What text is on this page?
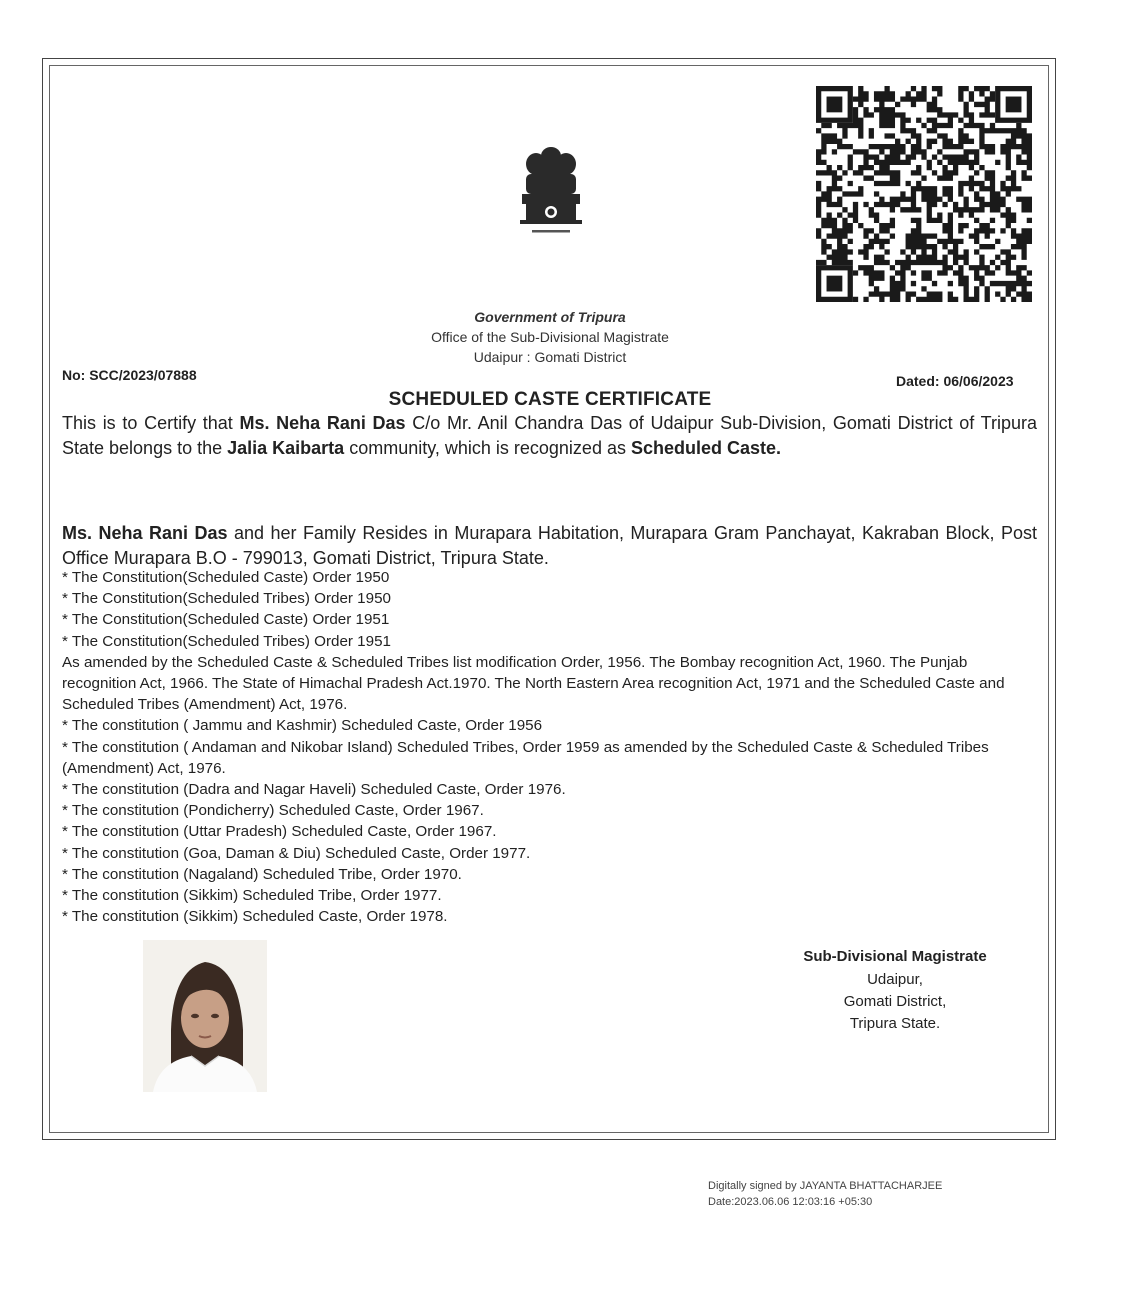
Government of Tripura
Office of the Sub-Divisional Magistrate
Udaipur : Gomati District
No: SCC/2023/07888	Dated: 06/06/2023
SCHEDULED CASTE CERTIFICATE
This is to Certify that Ms. Neha Rani Das C/o Mr. Anil Chandra Das of Udaipur Sub-Division, Gomati District of Tripura State belongs to the Jalia Kaibarta community, which is recognized as Scheduled Caste.
Ms. Neha Rani Das and her Family Resides in Murapara Habitation, Murapara Gram Panchayat, Kakraban Block, Post Office Murapara B.O - 799013, Gomati District, Tripura State.
* The Constitution(Scheduled Caste) Order 1950
* The Constitution(Scheduled Tribes) Order 1950
* The Constitution(Scheduled Caste) Order 1951
* The Constitution(Scheduled Tribes) Order 1951
As amended by the Scheduled Caste & Scheduled Tribes list modification Order, 1956. The Bombay recognition Act, 1960. The Punjab recognition Act, 1966. The State of Himachal Pradesh Act.1970. The North Eastern Area recognition Act, 1971 and the Scheduled Caste and Scheduled Tribes (Amendment) Act, 1976.
* The constitution ( Jammu and Kashmir) Scheduled Caste, Order 1956
* The constitution ( Andaman and Nikobar Island) Scheduled Tribes, Order 1959 as amended by the Scheduled Caste & Scheduled Tribes (Amendment) Act, 1976.
* The constitution (Dadra and Nagar Haveli) Scheduled Caste, Order 1976.
* The constitution (Pondicherry) Scheduled Caste, Order 1967.
* The constitution (Uttar Pradesh) Scheduled Caste, Order 1967.
* The constitution (Goa, Daman & Diu) Scheduled Caste, Order 1977.
* The constitution (Nagaland) Scheduled Tribe, Order 1970.
* The constitution (Sikkim) Scheduled Tribe, Order 1977.
* The constitution (Sikkim) Scheduled Caste, Order 1978.
Sub-Divisional Magistrate
Udaipur,
Gomati District,
Tripura State.
Digitally signed by JAYANTA BHATTACHARJEE
Date:2023.06.06 12:03:16 +05:30
